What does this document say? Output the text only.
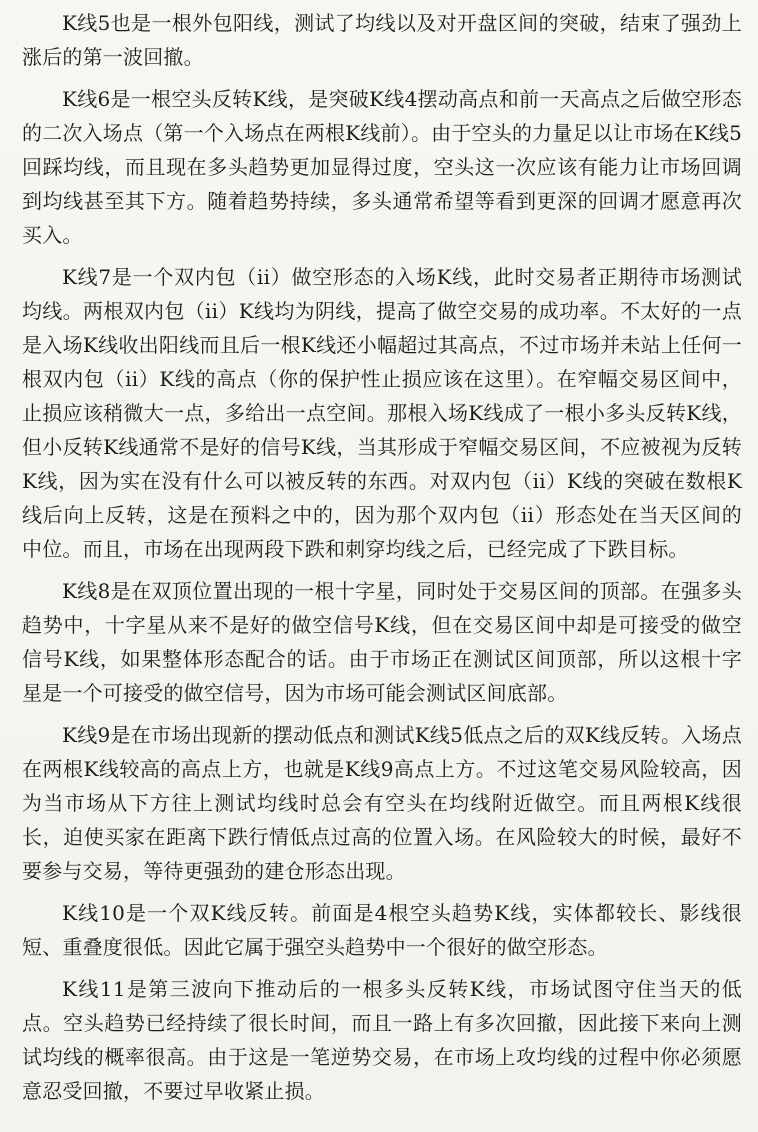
K线5也是一根外包阳线，测试了均线以及对开盘区间的突破，结束了强劲上涨后的第一波回撤。

K线6是一根空头反转K线，是突破K线4摆动高点和前一天高点之后做空形态的二次入场点（第一个入场点在两根K线前）。由于空头的力量足以让市场在K线5回踩均线，而且现在多头趋势更加显得过度，空头这一次应该有能力让市场回调到均线甚至其下方。随着趋势持续，多头通常希望等看到更深的回调才愿意再次买入。

K线7是一个双内包（ii）做空形态的入场K线，此时交易者正期待市场测试均线。两根双内包（ii）K线均为阴线，提高了做空交易的成功率。不太好的一点是入场K线收出阳线而且后一根K线还小幅超过其高点，不过市场并未站上任何一根双内包（ii）K线的高点（你的保护性止损应该在这里）。在窄幅交易区间中，止损应该稍微大一点，多给出一点空间。那根入场K线成了一根小多头反转K线，但小反转K线通常不是好的信号K线，当其形成于窄幅交易区间，不应被视为反转K线，因为实在没有什么可以被反转的东西。对双内包（ii）K线的突破在数根K线后向上反转，这是在预料之中的，因为那个双内包（ii）形态处在当天区间的中位。而且，市场在出现两段下跌和刺穿均线之后，已经完成了下跌目标。

K线8是在双顶位置出现的一根十字星，同时处于交易区间的顶部。在强多头趋势中，十字星从来不是好的做空信号K线，但在交易区间中却是可接受的做空信号K线，如果整体形态配合的话。由于市场正在测试区间顶部，所以这根十字星是一个可接受的做空信号，因为市场可能会测试区间底部。

K线9是在市场出现新的摆动低点和测试K线5低点之后的双K线反转。入场点在两根K线较高的高点上方，也就是K线9高点上方。不过这笔交易风险较高，因为当市场从下方往上测试均线时总会有空头在均线附近做空。而且两根K线很长，迫使买家在距离下跌行情低点过高的位置入场。在风险较大的时候，最好不要参与交易，等待更强劲的建仓形态出现。

K线10是一个双K线反转。前面是4根空头趋势K线，实体都较长、影线很短、重叠度很低。因此它属于强空头趋势中一个很好的做空形态。

K线11是第三波向下推动后的一根多头反转K线，市场试图守住当天的低点。空头趋势已经持续了很长时间，而且一路上有多次回撤，因此接下来向上测试均线的概率很高。由于这是一笔逆势交易，在市场上攻均线的过程中你必须愿意忍受回撤，不要过早收紧止损。
